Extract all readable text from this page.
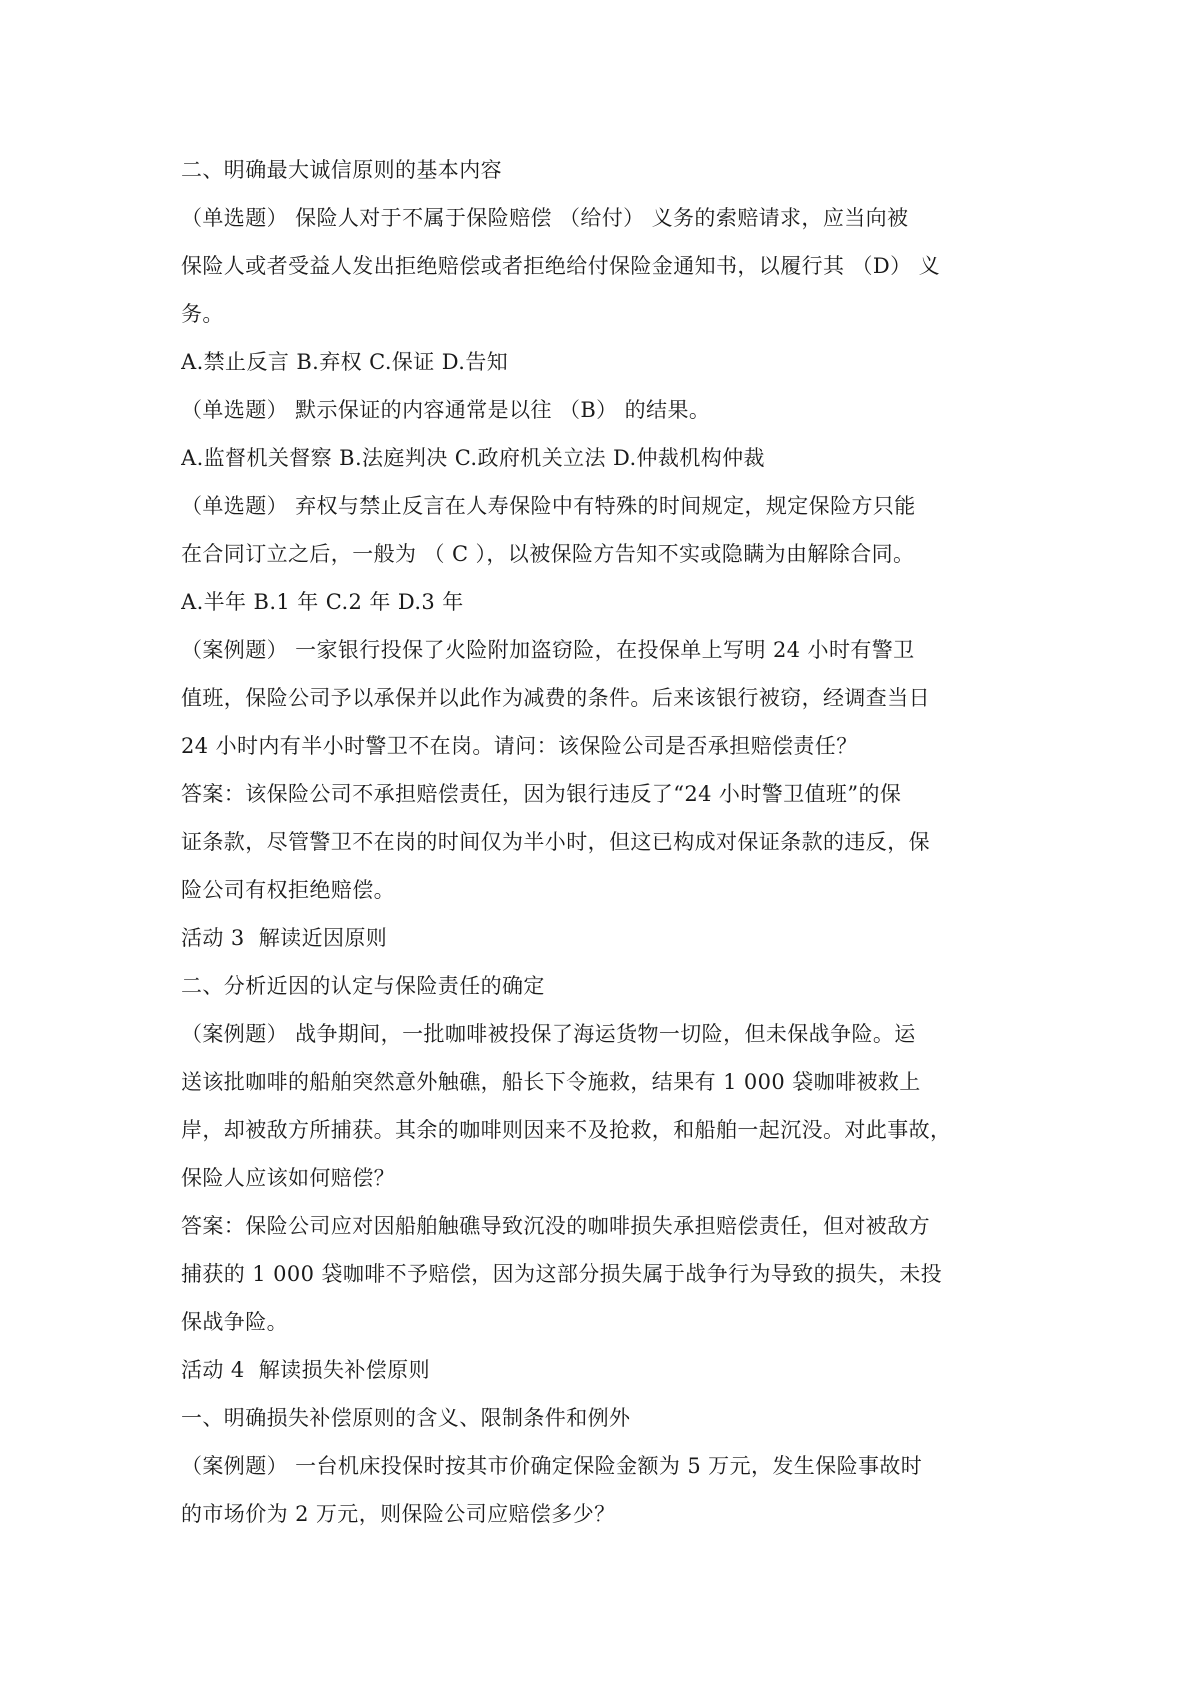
二、明确最大诚信原则的基本内容
（单选题） 保险人对于不属于保险赔偿 （给付） 义务的索赔请求，应当向被
保险人或者受益人发出拒绝赔偿或者拒绝给付保险金通知书，以履行其 （D） 义
务。
A.禁止反言 B.弃权 C.保证 D.告知
（单选题） 默示保证的内容通常是以往 （B） 的结果。
A.监督机关督察 B.法庭判决 C.政府机关立法 D.仲裁机构仲裁
（单选题） 弃权与禁止反言在人寿保险中有特殊的时间规定，规定保险方只能
在合同订立之后，一般为 （ C ），以被保险方告知不实或隐瞒为由解除合同。
A.半年 B.1 年 C.2 年 D.3 年
（案例题） 一家银行投保了火险附加盗窃险，在投保单上写明 24 小时有警卫
值班，保险公司予以承保并以此作为减费的条件。后来该银行被窃，经调查当日
24 小时内有半小时警卫不在岗。请问：该保险公司是否承担赔偿责任？
答案：该保险公司不承担赔偿责任，因为银行违反了“24 小时警卫值班”的保
证条款，尽管警卫不在岗的时间仅为半小时，但这已构成对保证条款的违反，保
险公司有权拒绝赔偿。
活动 3  解读近因原则
二、分析近因的认定与保险责任的确定
（案例题） 战争期间，一批咖啡被投保了海运货物一切险，但未保战争险。运
送该批咖啡的船舶突然意外触礁，船长下令施救，结果有 1 000 袋咖啡被救上
岸，却被敌方所捕获。其余的咖啡则因来不及抢救，和船舶一起沉没。对此事故，
保险人应该如何赔偿？
答案：保险公司应对因船舶触礁导致沉没的咖啡损失承担赔偿责任，但对被敌方
捕获的 1 000 袋咖啡不予赔偿，因为这部分损失属于战争行为导致的损失，未投
保战争险。
活动 4  解读损失补偿原则
一、明确损失补偿原则的含义、限制条件和例外
（案例题） 一台机床投保时按其市价确定保险金额为 5 万元，发生保险事故时
的市场价为 2 万元，则保险公司应赔偿多少？
